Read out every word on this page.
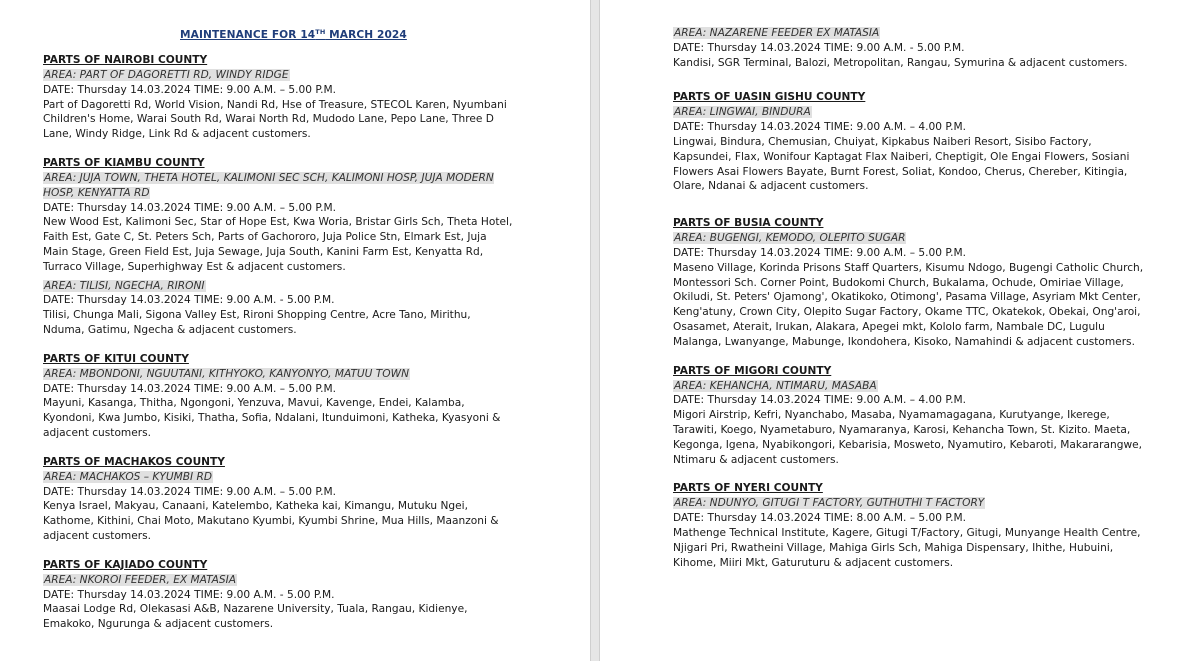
MAINTENANCE FOR 14TH MARCH 2024
PARTS OF NAIROBI COUNTY
AREA: PART OF DAGORETTI RD, WINDY RIDGE
DATE: Thursday 14.03.2024 TIME: 9.00 A.M. – 5.00 P.M.
Part of Dagoretti Rd, World Vision, Nandi Rd, Hse of Treasure, STECOL Karen, Nyumbani Children's Home, Warai South Rd, Warai North Rd, Mudodo Lane, Pepo Lane, Three D Lane, Windy Ridge, Link Rd & adjacent customers.
PARTS OF KIAMBU COUNTY
AREA: JUJA TOWN, THETA HOTEL, KALIMONI SEC SCH, KALIMONI HOSP, JUJA MODERN HOSP, KENYATTA RD
DATE: Thursday 14.03.2024 TIME: 9.00 A.M. – 5.00 P.M.
New Wood Est, Kalimoni Sec, Star of Hope Est, Kwa Woria, Bristar Girls Sch, Theta Hotel, Faith Est, Gate C, St. Peters Sch, Parts of Gachororo, Juja Police Stn, Elmark Est, Juja Main Stage, Green Field Est, Juja Sewage, Juja South, Kanini Farm Est, Kenyatta Rd, Turraco Village, Superhighway Est & adjacent customers.
AREA: TILISI, NGECHA, RIRONI
DATE: Thursday 14.03.2024 TIME: 9.00 A.M. - 5.00 P.M.
Tilisi, Chunga Mali, Sigona Valley Est, Rironi Shopping Centre, Acre Tano, Mirithu, Nduma, Gatimu, Ngecha & adjacent customers.
PARTS OF KITUI COUNTY
AREA: MBONDONI, NGUUTANI, KITHYOKO, KANYONYO, MATUU TOWN
DATE: Thursday 14.03.2024 TIME: 9.00 A.M. – 5.00 P.M.
Mayuni, Kasanga, Thitha, Ngongoni, Yenzuva, Mavui, Kavenge, Endei, Kalamba, Kyondoni, Kwa Jumbo, Kisiki, Thatha, Sofia, Ndalani, Itunduimoni, Katheka, Kyasyoni & adjacent customers.
PARTS OF MACHAKOS COUNTY
AREA: MACHAKOS – KYUMBI RD
DATE: Thursday 14.03.2024 TIME: 9.00 A.M. – 5.00 P.M.
Kenya Israel, Makyau, Canaani, Katelembo, Katheka kai, Kimangu, Mutuku Ngei, Kathome, Kithini, Chai Moto, Makutano Kyumbi, Kyumbi Shrine, Mua Hills, Maanzoni & adjacent customers.
PARTS OF KAJIADO COUNTY
AREA: NKOROI FEEDER, EX MATASIA
DATE: Thursday 14.03.2024 TIME: 9.00 A.M. - 5.00 P.M.
Maasai Lodge Rd, Olekasasi A&B, Nazarene University, Tuala, Rangau, Kidienye, Emakoko, Ngurunga & adjacent customers.
AREA: NAZARENE FEEDER EX MATASIA
DATE: Thursday 14.03.2024 TIME: 9.00 A.M. - 5.00 P.M.
Kandisi, SGR Terminal, Balozi, Metropolitan, Rangau, Symurina & adjacent customers.
PARTS OF UASIN GISHU COUNTY
AREA: LINGWAI, BINDURA
DATE: Thursday 14.03.2024 TIME: 9.00 A.M. – 4.00 P.M.
Lingwai, Bindura, Chemusian, Chuiyat, Kipkabus Naiberi Resort, Sisibo Factory, Kapsundei, Flax, Wonifour Kaptagat Flax Naiberi, Cheptigit, Ole Engai Flowers, Sosiani Flowers Asai Flowers Bayate, Burnt Forest, Soliat, Kondoo, Cherus, Chereber, Kitingia, Olare, Ndanai & adjacent customers.
PARTS OF BUSIA COUNTY
AREA: BUGENGI, KEMODO, OLEPITO SUGAR
DATE: Thursday 14.03.2024 TIME: 9.00 A.M. – 5.00 P.M.
Maseno Village, Korinda Prisons Staff Quarters, Kisumu Ndogo, Bugengi Catholic Church, Montessori Sch. Corner Point, Budokomi Church, Bukalama, Ochude, Omiriae Village, Okiludi, St. Peters' Ojamong', Okatikoko, Otimong', Pasama Village, Asyriam Mkt Center, Keng'atuny, Crown City, Olepito Sugar Factory, Okame TTC, Okatekok, Obekai, Ong'aroi, Osasamet, Aterait, Irukan, Alakara, Apegei mkt, Kololo farm, Nambale DC, Lugulu Malanga, Lwanyange, Mabunge, Ikondohera, Kisoko, Namahindi & adjacent customers.
PARTS OF MIGORI COUNTY
AREA: KEHANCHA, NTIMARU, MASABA
DATE: Thursday 14.03.2024 TIME: 9.00 A.M. – 4.00 P.M.
Migori Airstrip, Kefri, Nyanchabo, Masaba, Nyamamagagana, Kurutyange, Ikerege, Tarawiti, Koego, Nyametaburo, Nyamaranya, Karosi, Kehancha Town, St. Kizito. Maeta, Kegonga, Igena, Nyabikongori, Kebarisia, Mosweto, Nyamutiro, Kebaroti, Makararangwe, Ntimaru & adjacent customers.
PARTS OF NYERI COUNTY
AREA: NDUNYO, GITUGI T FACTORY, GUTHUTHI T FACTORY
DATE: Thursday 14.03.2024 TIME: 8.00 A.M. – 5.00 P.M.
Mathenge Technical Institute, Kagere, Gitugi T/Factory, Gitugi, Munyange Health Centre, Njigari Pri, Rwatheini Village, Mahiga Girls Sch, Mahiga Dispensary, Ihithe, Hubuini, Kihome, Miiri Mkt, Gaturuturu & adjacent customers.
